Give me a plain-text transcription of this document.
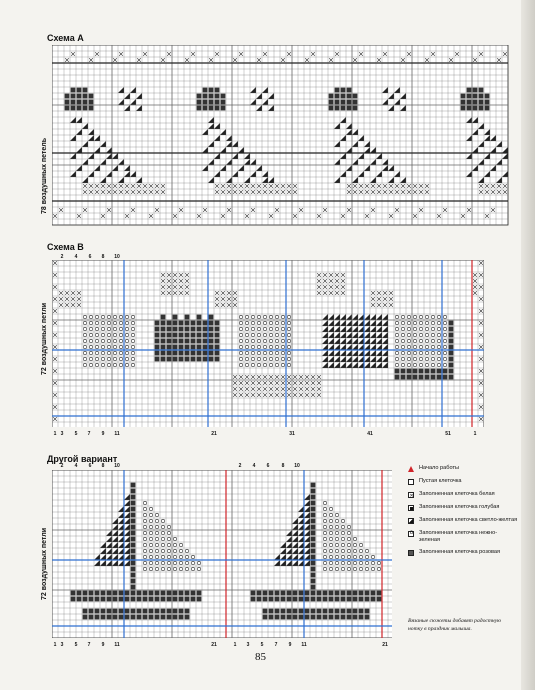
Схема A
78 воздушных петель
Схема B
72 воздушных петли
2 4 6 8 10
1 3 5 7 9 11	21	31	41	51	1
Другой вариант
72 воздушных петли
2 4 6 8 10	2 4 6 8 10
1 3 5 7 9 11	21	1 3 5 7 9 11	21
Начало работы
Пустая клеточка
✕
Заполненная клеточка белая
Заполненная клеточка голубая
Заполненная клеточка светло-желтая
o
Заполненная клеточка нежно-зеленая
Заполненная клеточка розовая
Вязаные сюжеты добавят радостную нотку в праздник малыша.
85
